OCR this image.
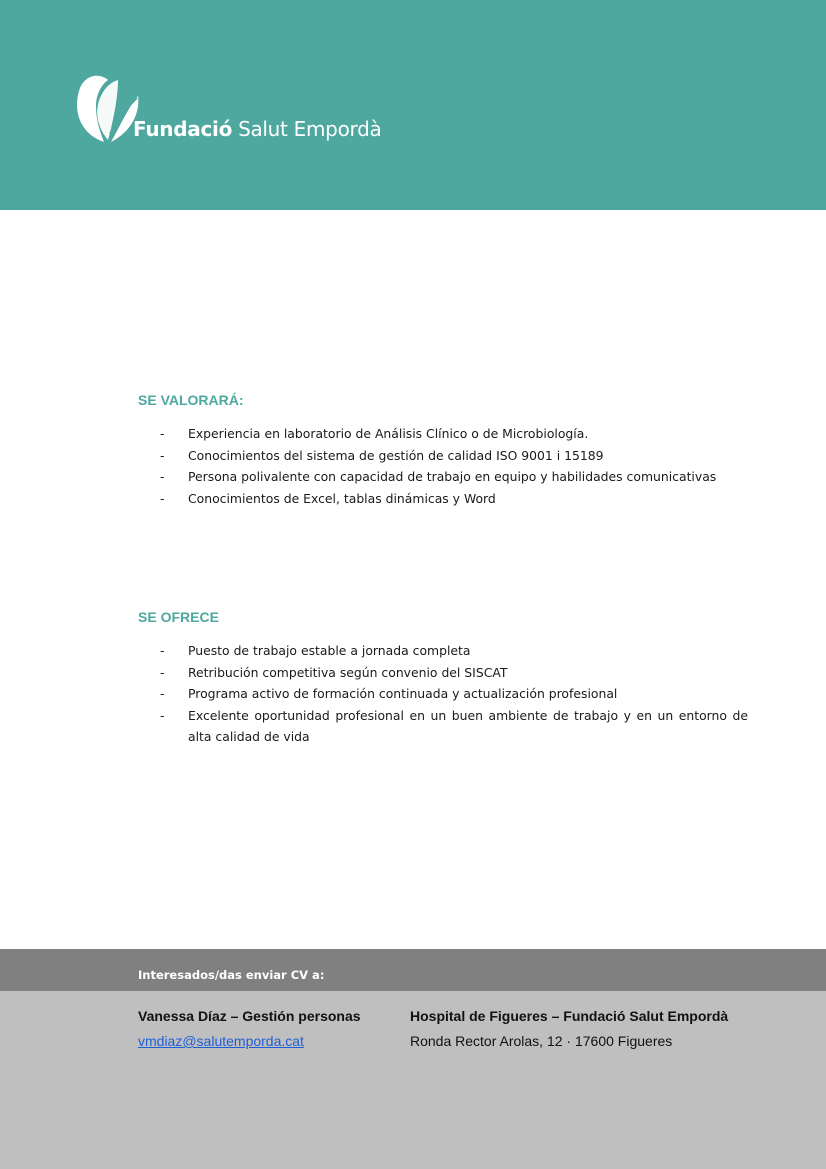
Fundació Salut Empordà
SE VALORARÁ:
-	Experiencia en laboratorio de Análisis Clínico o de Microbiología.
-	Conocimientos del sistema de gestión de calidad ISO 9001 i 15189
-	Persona polivalente con capacidad de trabajo en equipo y habilidades comunicativas
-	Conocimientos de Excel, tablas dinámicas y Word
SE OFRECE
-	Puesto de trabajo estable a jornada completa
-	Retribución competitiva según convenio del SISCAT
-	Programa activo de formación continuada y actualización profesional
-	Excelente oportunidad profesional en un buen ambiente de trabajo y en un entorno de alta calidad de vida
Interesados/das enviar CV a:
Vanessa Díaz – Gestión personas
vmdiaz@salutemporda.cat
Hospital de Figueres – Fundació Salut Empordà
Ronda Rector Arolas, 12 · 17600 Figueres
